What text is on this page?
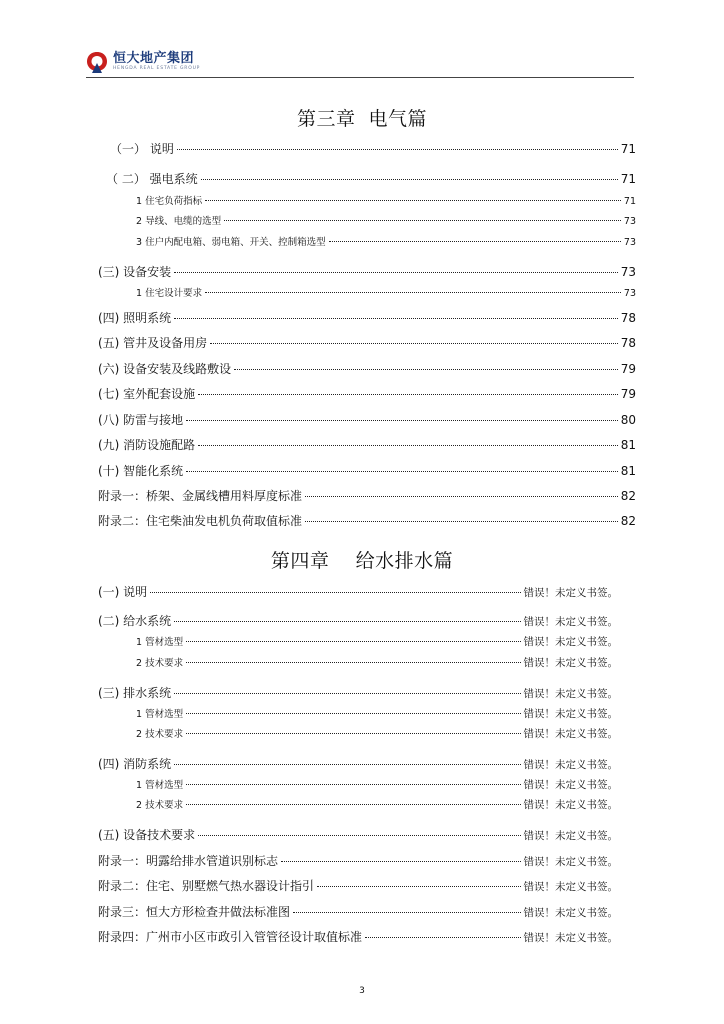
恒大地产集团
HENGDA REAL ESTATE GROUP
第三章 电气篇
（一） 说明	71
（ 二） 强电系统	71
1 住宅负荷指标	71
2 导线、电缆的选型	73
3 住户内配电箱、弱电箱、开关、控制箱选型	73
(三) 设备安装	73
1 住宅设计要求	73
(四) 照明系统	78
(五) 管井及设备用房	78
(六) 设备安装及线路敷设	79
(七) 室外配套设施	79
(八) 防雷与接地	80
(九) 消防设施配路	81
(十) 智能化系统	81
附录一：桥架、金属线槽用料厚度标准	82
附录二：住宅柴油发电机负荷取值标准	82
第四章 给水排水篇
(一) 说明	错误！未定义书签。
(二) 给水系统	错误！未定义书签。
1 管材选型	错误！未定义书签。
2 技术要求	错误！未定义书签。
(三) 排水系统	错误！未定义书签。
1 管材选型	错误！未定义书签。
2 技术要求	错误！未定义书签。
(四) 消防系统	错误！未定义书签。
1 管材选型	错误！未定义书签。
2 技术要求	错误！未定义书签。
(五) 设备技术要求	错误！未定义书签。
附录一：明露给排水管道识别标志	错误！未定义书签。
附录二：住宅、别墅燃气热水器设计指引	错误！未定义书签。
附录三：恒大方形检查井做法标准图	错误！未定义书签。
附录四：广州市小区市政引入管管径设计取值标准	错误！未定义书签。
3
